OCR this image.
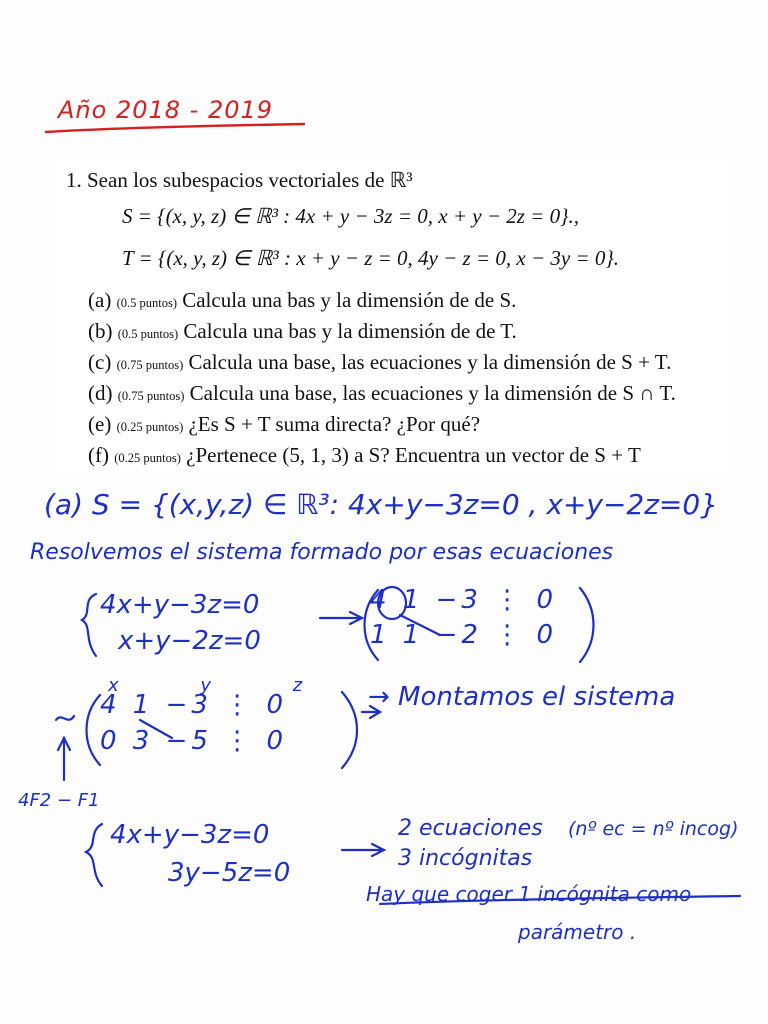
Año 2018 - 2019
1. Sean los subespacios vectoriales de ℝ³
S = {(x, y, z) ∈ ℝ³ : 4x + y − 3z = 0, x + y − 2z = 0}.,
T = {(x, y, z) ∈ ℝ³ : x + y − z = 0, 4y − z = 0, x − 3y = 0}.
(a) (0.5 puntos) Calcula una bas y la dimensión de de S.
(b) (0.5 puntos) Calcula una bas y la dimensión de de T.
(c) (0.75 puntos) Calcula una base, las ecuaciones y la dimensión de S + T.
(d) (0.75 puntos) Calcula una base, las ecuaciones y la dimensión de S ∩ T.
(e) (0.25 puntos) ¿Es S + T suma directa? ¿Por qué?
(f) (0.25 puntos) ¿Pertenece (5, 1, 3) a S? Encuentra un vector de S + T
(a) S = {(x,y,z) ∈ ℝ³: 4x+y−3z=0 , x+y−2z=0}
Resolvemos el sistema formado por esas ecuaciones
4x+y−3z=0
x+y−2z=0
4 1 −3 ⋮ 0
1 1 −2 ⋮ 0
x y z
4 1 −3 ⋮ 0
0 3 −5 ⋮ 0
→ Montamos el sistema
4F2 − F1
4x+y−3z=0
3y−5z=0
2 ecuaciones
3 incógnitas
(nº ec = nº incog)
Hay que coger 1 incógnita como
parámetro .
